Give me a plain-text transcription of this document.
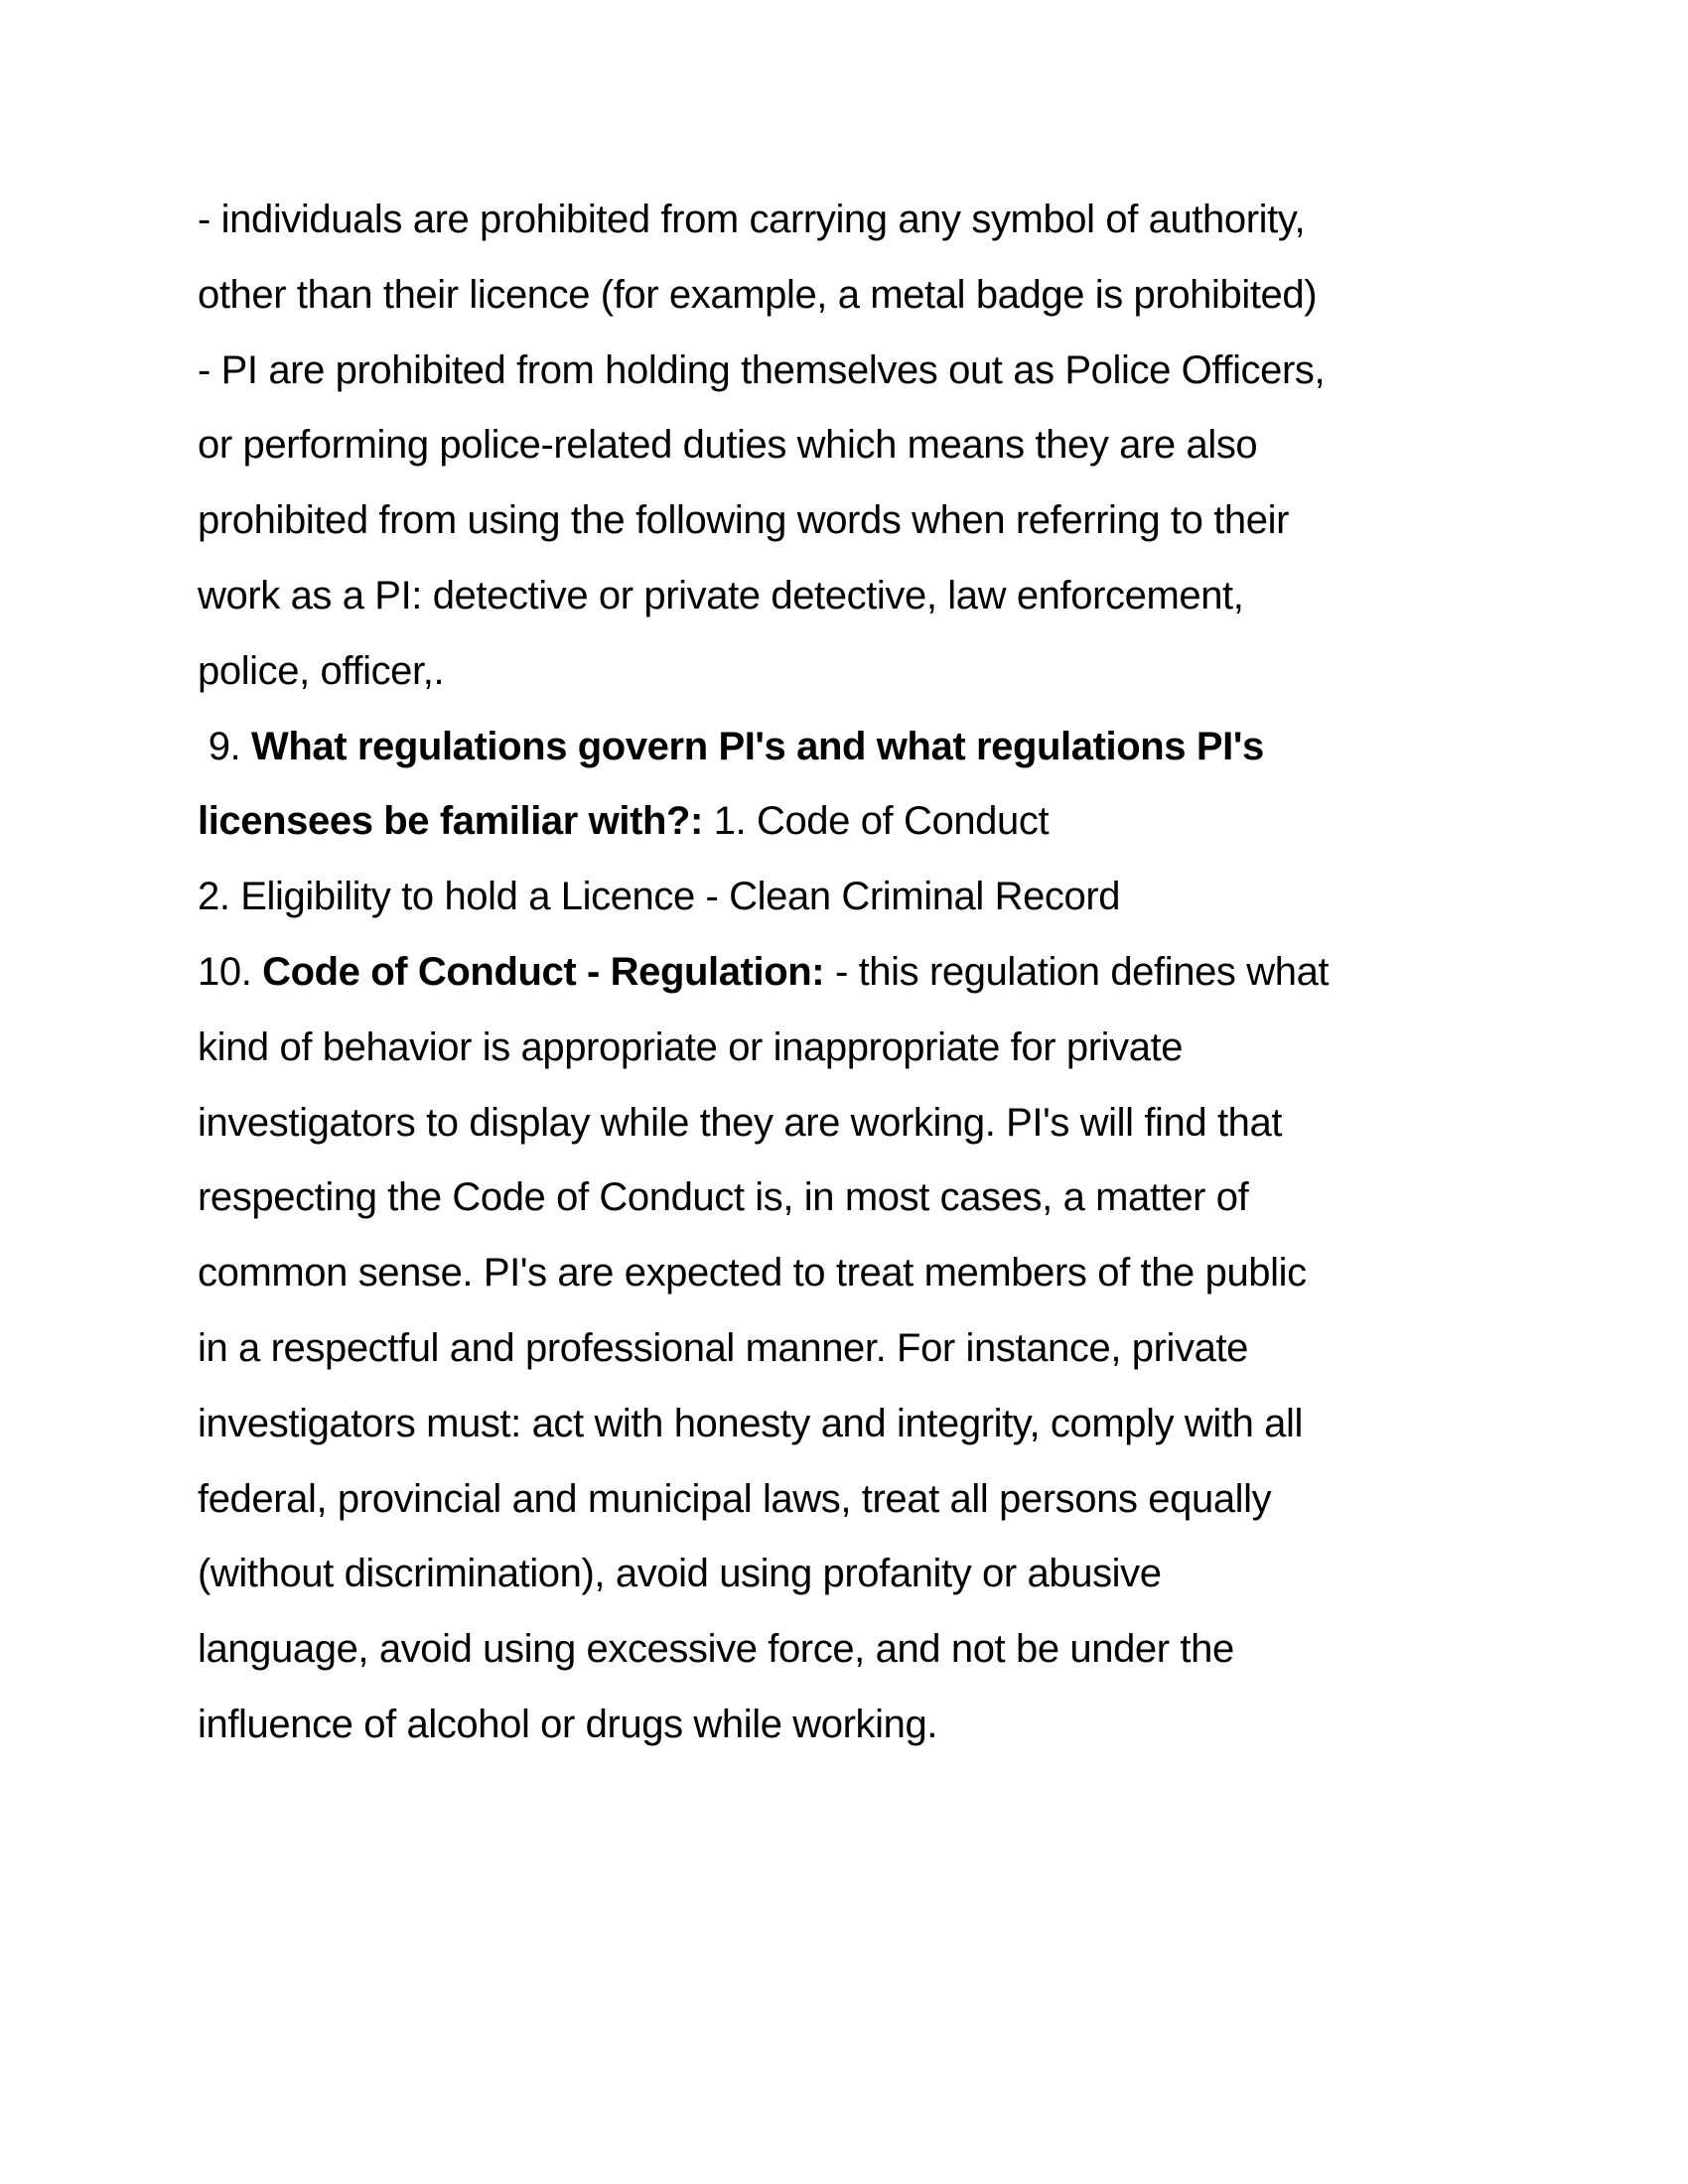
- individuals are prohibited from carrying any symbol of authority,
other than their licence (for example, a metal badge is prohibited)
- PI are prohibited from holding themselves out as Police Officers,
or performing police-related duties which means they are also
prohibited from using the following words when referring to their
work as a PI: detective or private detective, law enforcement,
police, officer,.
9. What regulations govern PI's and what regulations PI's
licensees be familiar with?: 1. Code of Conduct
2. Eligibility to hold a Licence - Clean Criminal Record
10. Code of Conduct - Regulation: - this regulation defines what
kind of behavior is appropriate or inappropriate for private
investigators to display while they are working. PI's will find that
respecting the Code of Conduct is, in most cases, a matter of
common sense. PI's are expected to treat members of the public
in a respectful and professional manner. For instance, private
investigators must: act with honesty and integrity, comply with all
federal, provincial and municipal laws, treat all persons equally
(without discrimination), avoid using profanity or abusive
language, avoid using excessive force, and not be under the
influence of alcohol or drugs while working.
